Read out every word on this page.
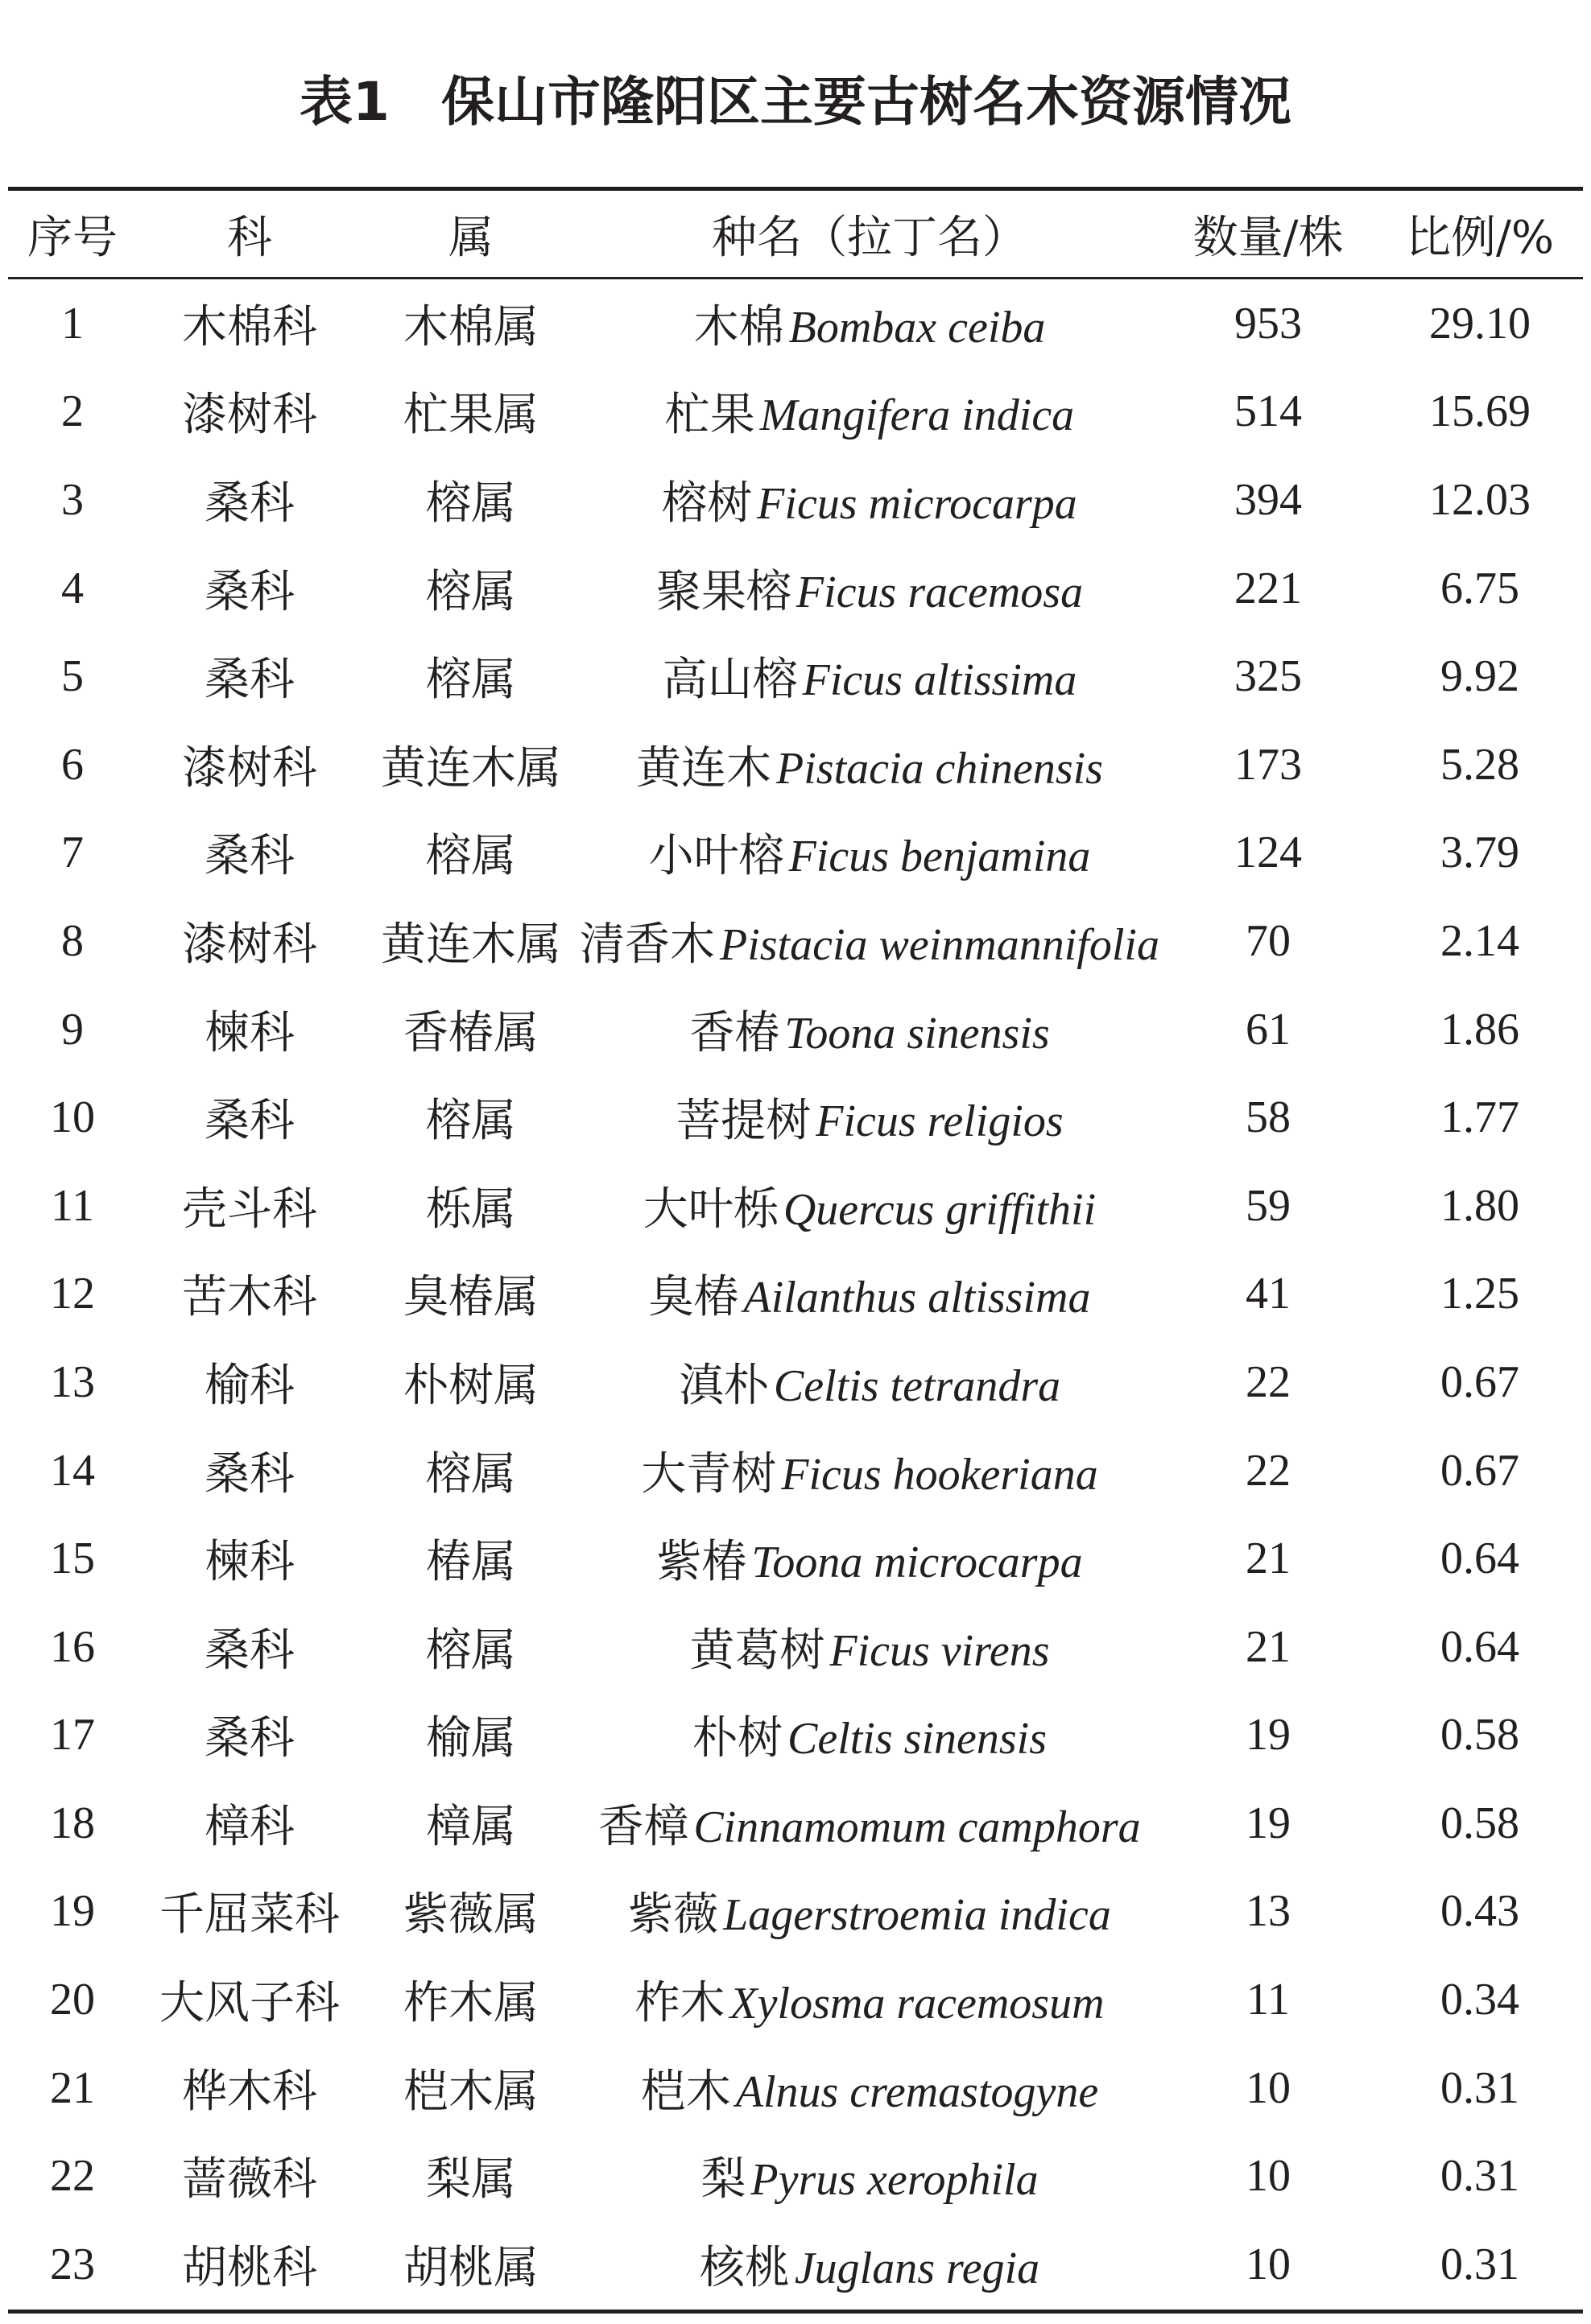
表1 保山市隆阳区主要古树名木资源情况
序号	科	属	种名（拉丁名）	数量/株	比例/%

1	木棉科	木棉属	木棉 Bombax ceiba	953	29.10
2	漆树科	杧果属	杧果 Mangifera indica	514	15.69
3	桑科	榕属	榕树 Ficus microcarpa	394	12.03
4	桑科	榕属	聚果榕 Ficus racemosa	221	6.75
5	桑科	榕属	高山榕 Ficus altissima	325	9.92
6	漆树科	黄连木属	黄连木 Pistacia chinensis	173	5.28
7	桑科	榕属	小叶榕 Ficus benjamina	124	3.79
8	漆树科	黄连木属	清香木 Pistacia weinmannifolia	70	2.14
9	楝科	香椿属	香椿 Toona sinensis	61	1.86
10	桑科	榕属	菩提树 Ficus religios	58	1.77
11	壳斗科	栎属	大叶栎 Quercus griffithii	59	1.80
12	苦木科	臭椿属	臭椿 Ailanthus altissima	41	1.25
13	榆科	朴树属	滇朴 Celtis tetrandra	22	0.67
14	桑科	榕属	大青树 Ficus hookeriana	22	0.67
15	楝科	椿属	紫椿 Toona microcarpa	21	0.64
16	桑科	榕属	黄葛树 Ficus virens	21	0.64
17	桑科	榆属	朴树 Celtis sinensis	19	0.58
18	樟科	樟属	香樟 Cinnamomum camphora	19	0.58
19	千屈菜科	紫薇属	紫薇 Lagerstroemia indica	13	0.43
20	大风子科	柞木属	柞木 Xylosma racemosum	11	0.34
21	桦木科	桤木属	桤木 Alnus cremastogyne	10	0.31
22	蔷薇科	梨属	梨 Pyrus xerophila	10	0.31
23	胡桃科	胡桃属	核桃 Juglans regia	10	0.31
